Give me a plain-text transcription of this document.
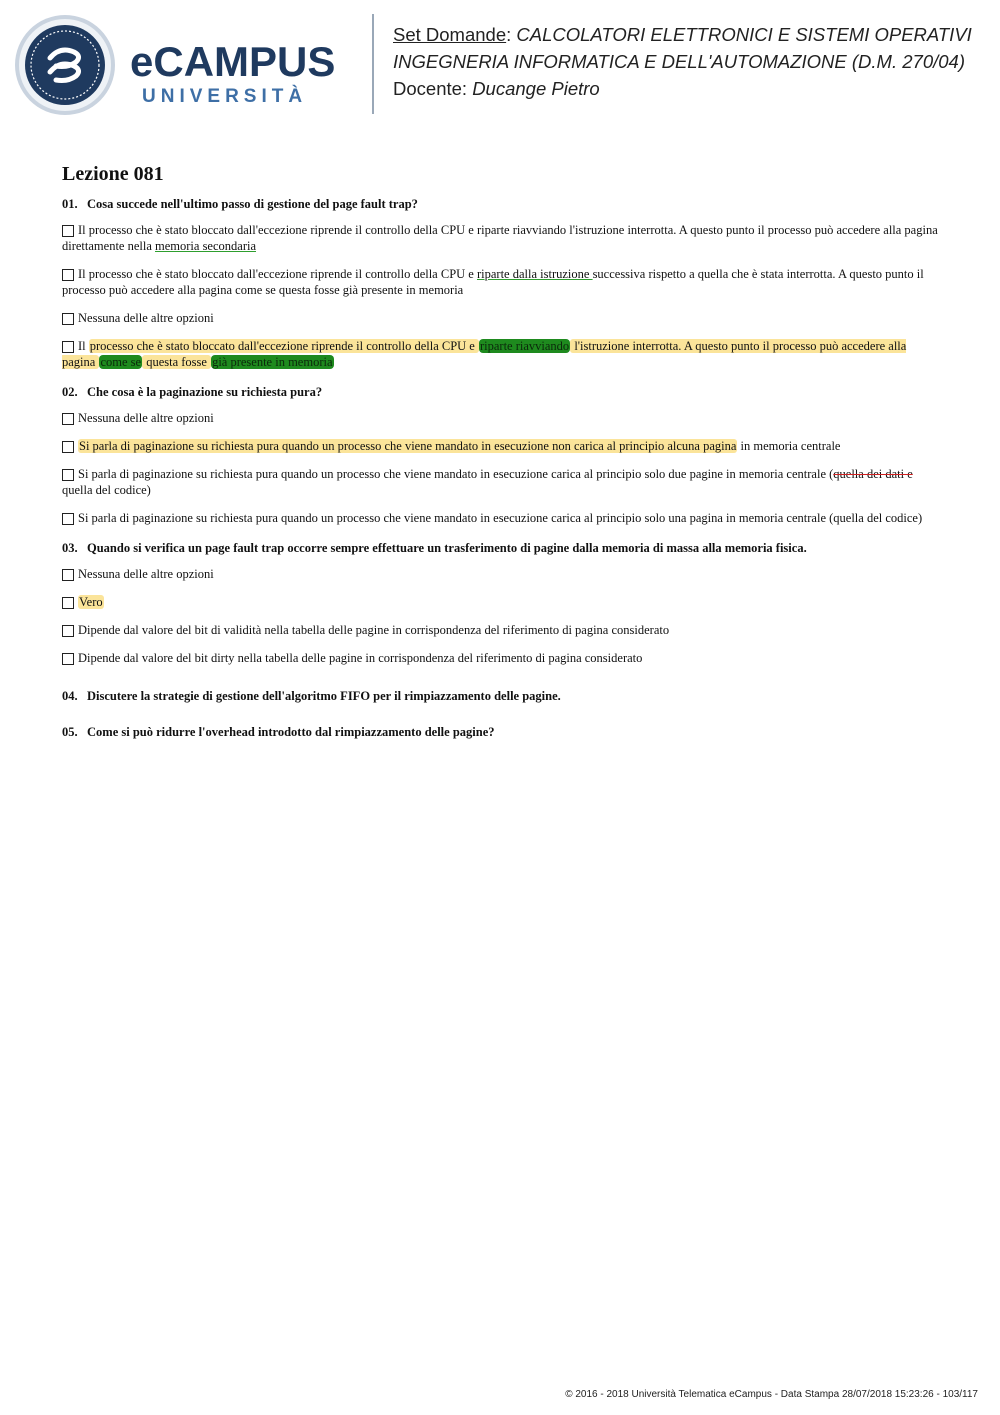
eCAMPUS
UNIVERSITÀ
Set Domande: CALCOLATORI ELETTRONICI E SISTEMI OPERATIVI
INGEGNERIA INFORMATICA E DELL'AUTOMAZIONE (D.M. 270/04)
Docente: Ducange Pietro
Lezione 081
01. Cosa succede nell'ultimo passo di gestione del page fault trap?
Il processo che è stato bloccato dall'eccezione riprende il controllo della CPU e riparte riavviando l'istruzione interrotta. A questo punto il processo può accedere alla pagina direttamente nella memoria secondaria
Il processo che è stato bloccato dall'eccezione riprende il controllo della CPU e riparte dalla istruzione successiva rispetto a quella che è stata interrotta. A questo punto il processo può accedere alla pagina come se questa fosse già presente in memoria
Nessuna delle altre opzioni
Il processo che è stato bloccato dall'eccezione riprende il controllo della CPU e riparte riavviando l'istruzione interrotta. A questo punto il processo può accedere alla pagina come se questa fosse già presente in memoria
02. Che cosa è la paginazione su richiesta pura?
Nessuna delle altre opzioni
Si parla di paginazione su richiesta pura quando un processo che viene mandato in esecuzione non carica al principio alcuna pagina in memoria centrale
Si parla di paginazione su richiesta pura quando un processo che viene mandato in esecuzione carica al principio solo due pagine in memoria centrale (quella dei dati e quella del codice)
Si parla di paginazione su richiesta pura quando un processo che viene mandato in esecuzione carica al principio solo una pagina in memoria centrale (quella del codice)
03. Quando si verifica un page fault trap occorre sempre effettuare un trasferimento di pagine dalla memoria di massa alla memoria fisica.
Nessuna delle altre opzioni
Vero
Dipende dal valore del bit di validità nella tabella delle pagine in corrispondenza del riferimento di pagina considerato
Dipende dal valore del bit dirty nella tabella delle pagine in corrispondenza del riferimento di pagina considerato
04. Discutere la strategie di gestione dell'algoritmo FIFO per il rimpiazzamento delle pagine.
05. Come si può ridurre l'overhead introdotto dal rimpiazzamento delle pagine?
© 2016 - 2018 Università Telematica eCampus - Data Stampa 28/07/2018 15:23:26 - 103/117
